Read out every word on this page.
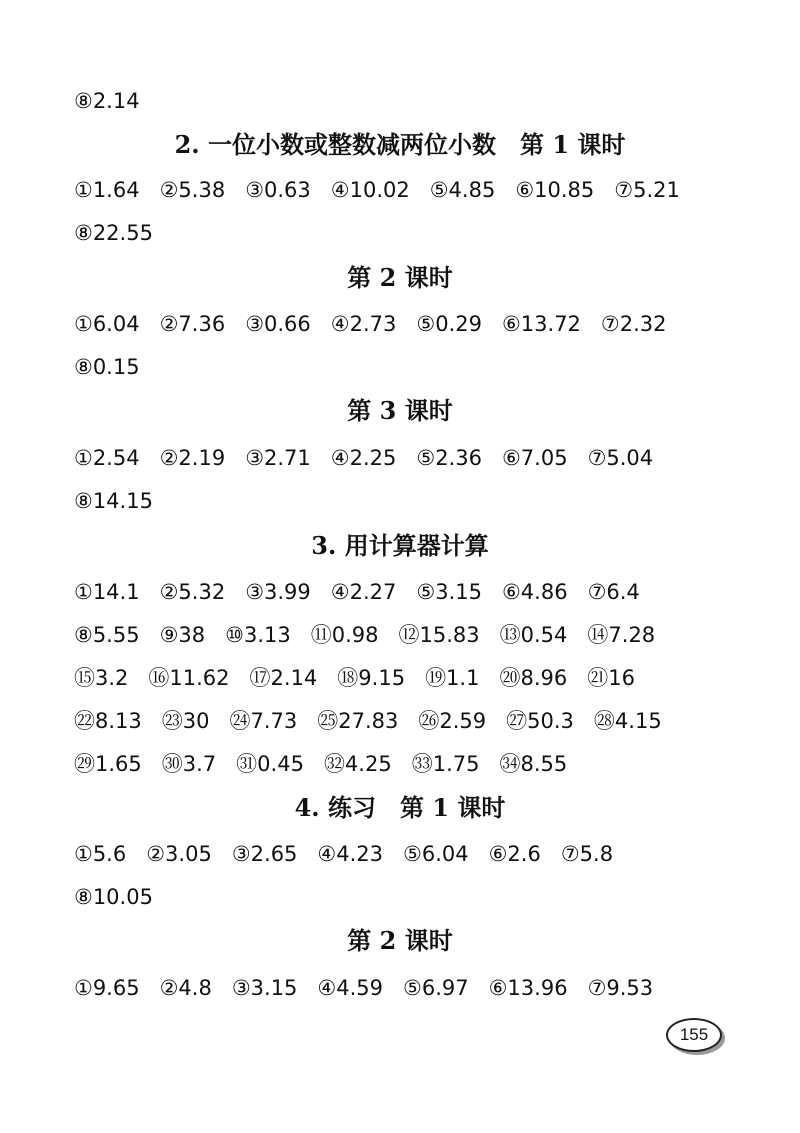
⑧2.14
2. 一位小数或整数减两位小数　第 1 课时
①1.64 ②5.38 ③0.63 ④10.02 ⑤4.85 ⑥10.85 ⑦5.21
⑧22.55
第 2 课时
①6.04 ②7.36 ③0.66 ④2.73 ⑤0.29 ⑥13.72 ⑦2.32
⑧0.15
第 3 课时
①2.54 ②2.19 ③2.71 ④2.25 ⑤2.36 ⑥7.05 ⑦5.04
⑧14.15
3. 用计算器计算
①14.1 ②5.32 ③3.99 ④2.27 ⑤3.15 ⑥4.86 ⑦6.4
⑧5.55 ⑨38 ⑩3.13 ⑪0.98 ⑫15.83 ⑬0.54 ⑭7.28
⑮3.2 ⑯11.62 ⑰2.14 ⑱9.15 ⑲1.1 ⑳8.96 ㉑16
㉒8.13 ㉓30 ㉔7.73 ㉕27.83 ㉖2.59 ㉗50.3 ㉘4.15
㉙1.65 ㉚3.7 ㉛0.45 ㉜4.25 ㉝1.75 ㉞8.55
4. 练习　第 1 课时
①5.6 ②3.05 ③2.65 ④4.23 ⑤6.04 ⑥2.6 ⑦5.8
⑧10.05
第 2 课时
①9.65 ②4.8 ③3.15 ④4.59 ⑤6.97 ⑥13.96 ⑦9.53
155
